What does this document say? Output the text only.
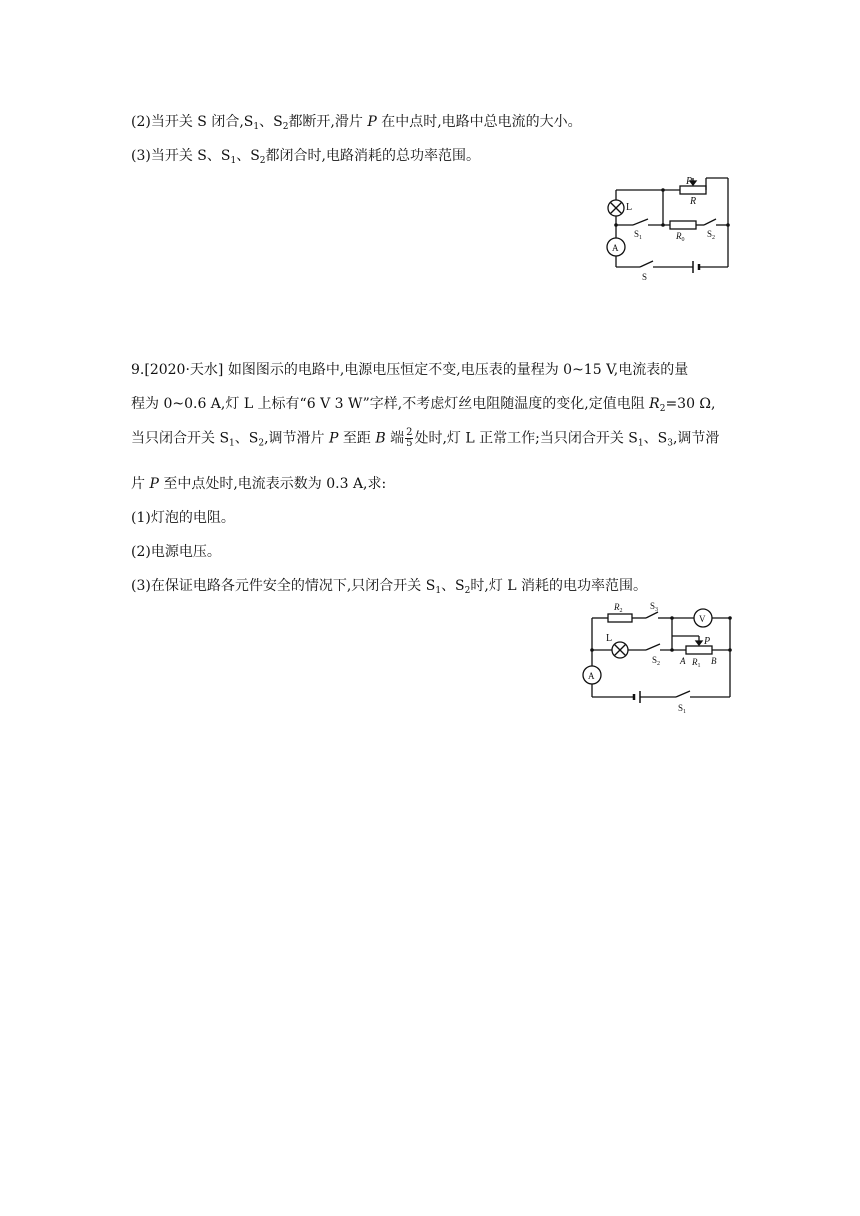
(2)当开关 S 闭合$,S_1$、$S_2$都断开,滑片 P 在中点时,电路中总电流的大小。
(3)当开关 S、$S_1$、$S_2$都闭合时,电路消耗的总功率范围。
P
R
L
$S_1$	$R_0$
$S_2$
A
S
9.[2020·天水] 如图图示的电路中,电源电压恒定不变,电压表的量程为 0~15 V,电流表的量
程为 0~0.6 A,灯 L 上标有“6 V 3 W”字样,不考虑灯丝电阻随温度的变化,定值电阻 $R_2=30$ Ω,
当只闭合开关 $S_1$、$S_2$,调节滑片 P 至距 B 端 $\frac{2}{5}$ 处时,灯 L 正常工作;当只闭合开关 $S_1$、$S_3$,调节滑
片 P 至中点处时,电流表示数为 0.3 A,求:
(1)灯泡的电阻。
(2)电源电压。
(3)在保证电路各元件安全的情况下,只闭合开关 $S_1$、$S_2$时,灯 L 消耗的电功率范围。
$R_2$	$S_3$
V
L
$S_2$
P
A $R_1$ B
A
$S_1$
